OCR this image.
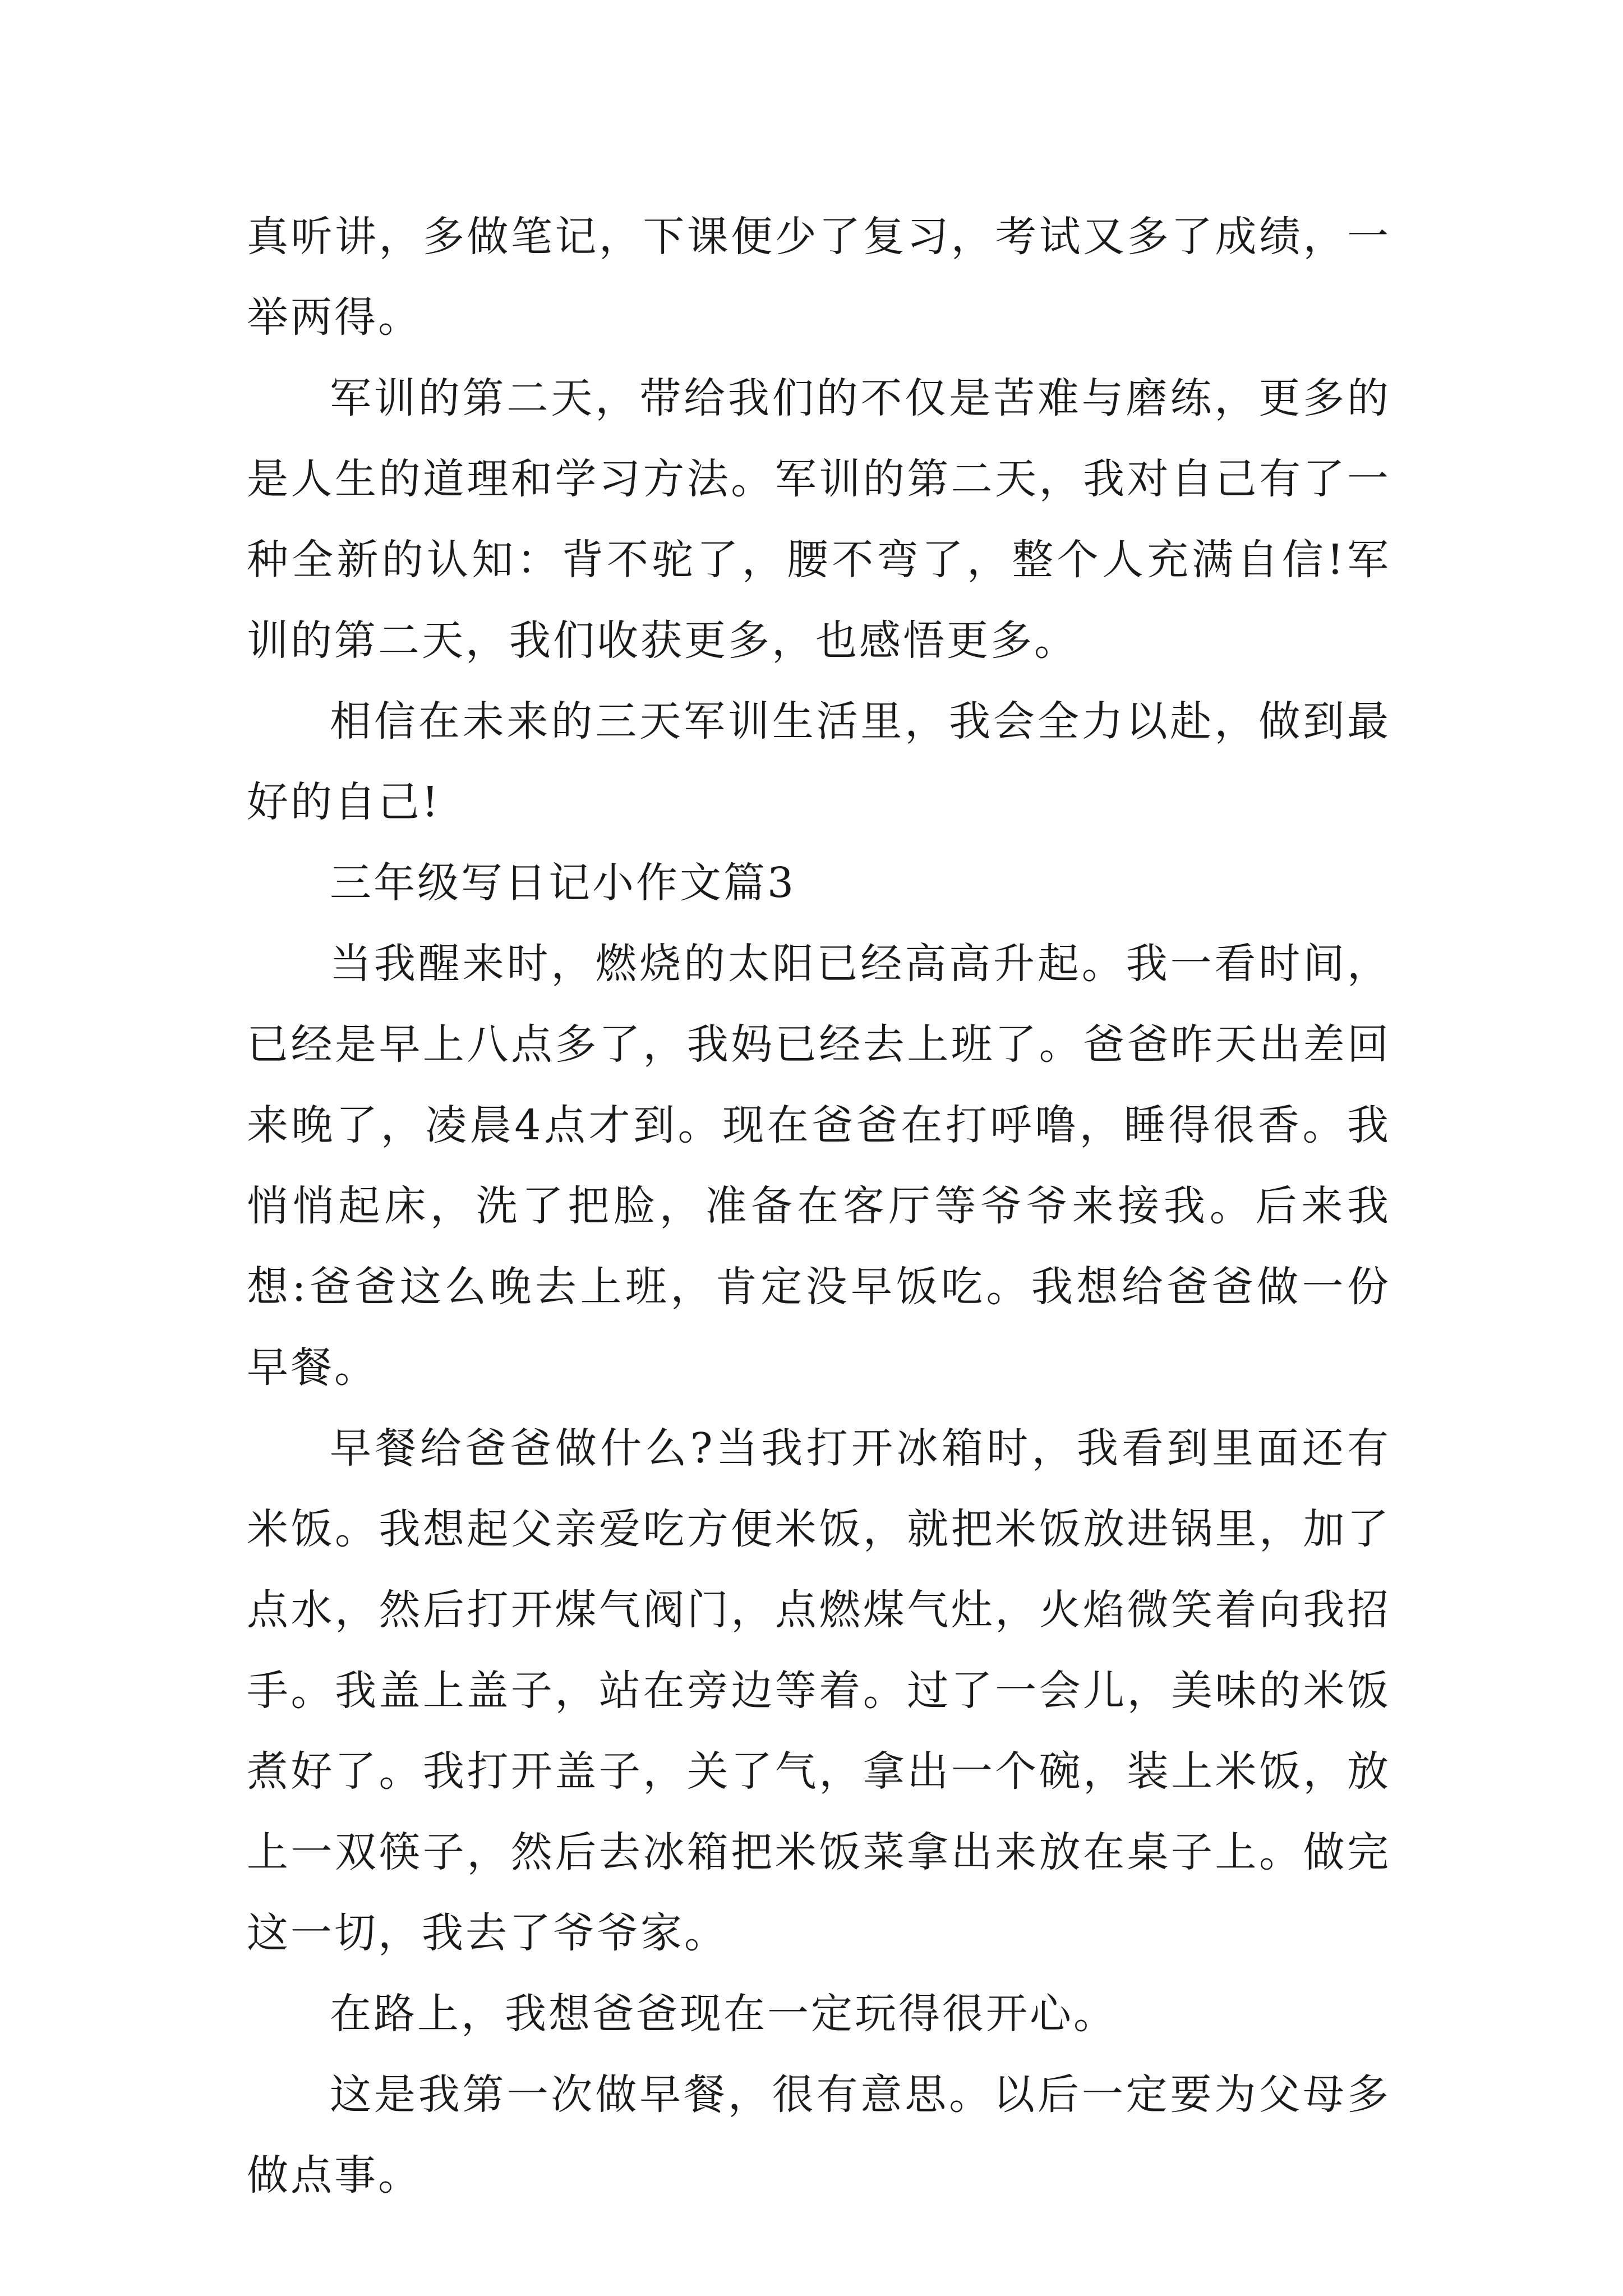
真听讲，多做笔记，下课便少了复习，考试又多了成绩，一举两得。

军训的第二天，带给我们的不仅是苦难与磨练，更多的是人生的道理和学习方法。军训的第二天，我对自己有了一种全新的认知：背不驼了，腰不弯了，整个人充满自信!军训的第二天，我们收获更多，也感悟更多。

相信在未来的三天军训生活里，我会全力以赴，做到最好的自己!

三年级写日记小作文篇3

当我醒来时，燃烧的太阳已经高高升起。我一看时间，已经是早上八点多了，我妈已经去上班了。爸爸昨天出差回来晚了，凌晨4点才到。现在爸爸在打呼噜，睡得很香。我悄悄起床，洗了把脸，准备在客厅等爷爷来接我。后来我想:爸爸这么晚去上班，肯定没早饭吃。我想给爸爸做一份早餐。

早餐给爸爸做什么?当我打开冰箱时，我看到里面还有米饭。我想起父亲爱吃方便米饭，就把米饭放进锅里，加了点水，然后打开煤气阀门，点燃煤气灶，火焰微笑着向我招手。我盖上盖子，站在旁边等着。过了一会儿，美味的米饭煮好了。我打开盖子，关了气，拿出一个碗，装上米饭，放上一双筷子，然后去冰箱把米饭菜拿出来放在桌子上。做完这一切，我去了爷爷家。

在路上，我想爸爸现在一定玩得很开心。

这是我第一次做早餐，很有意思。以后一定要为父母多做点事。
